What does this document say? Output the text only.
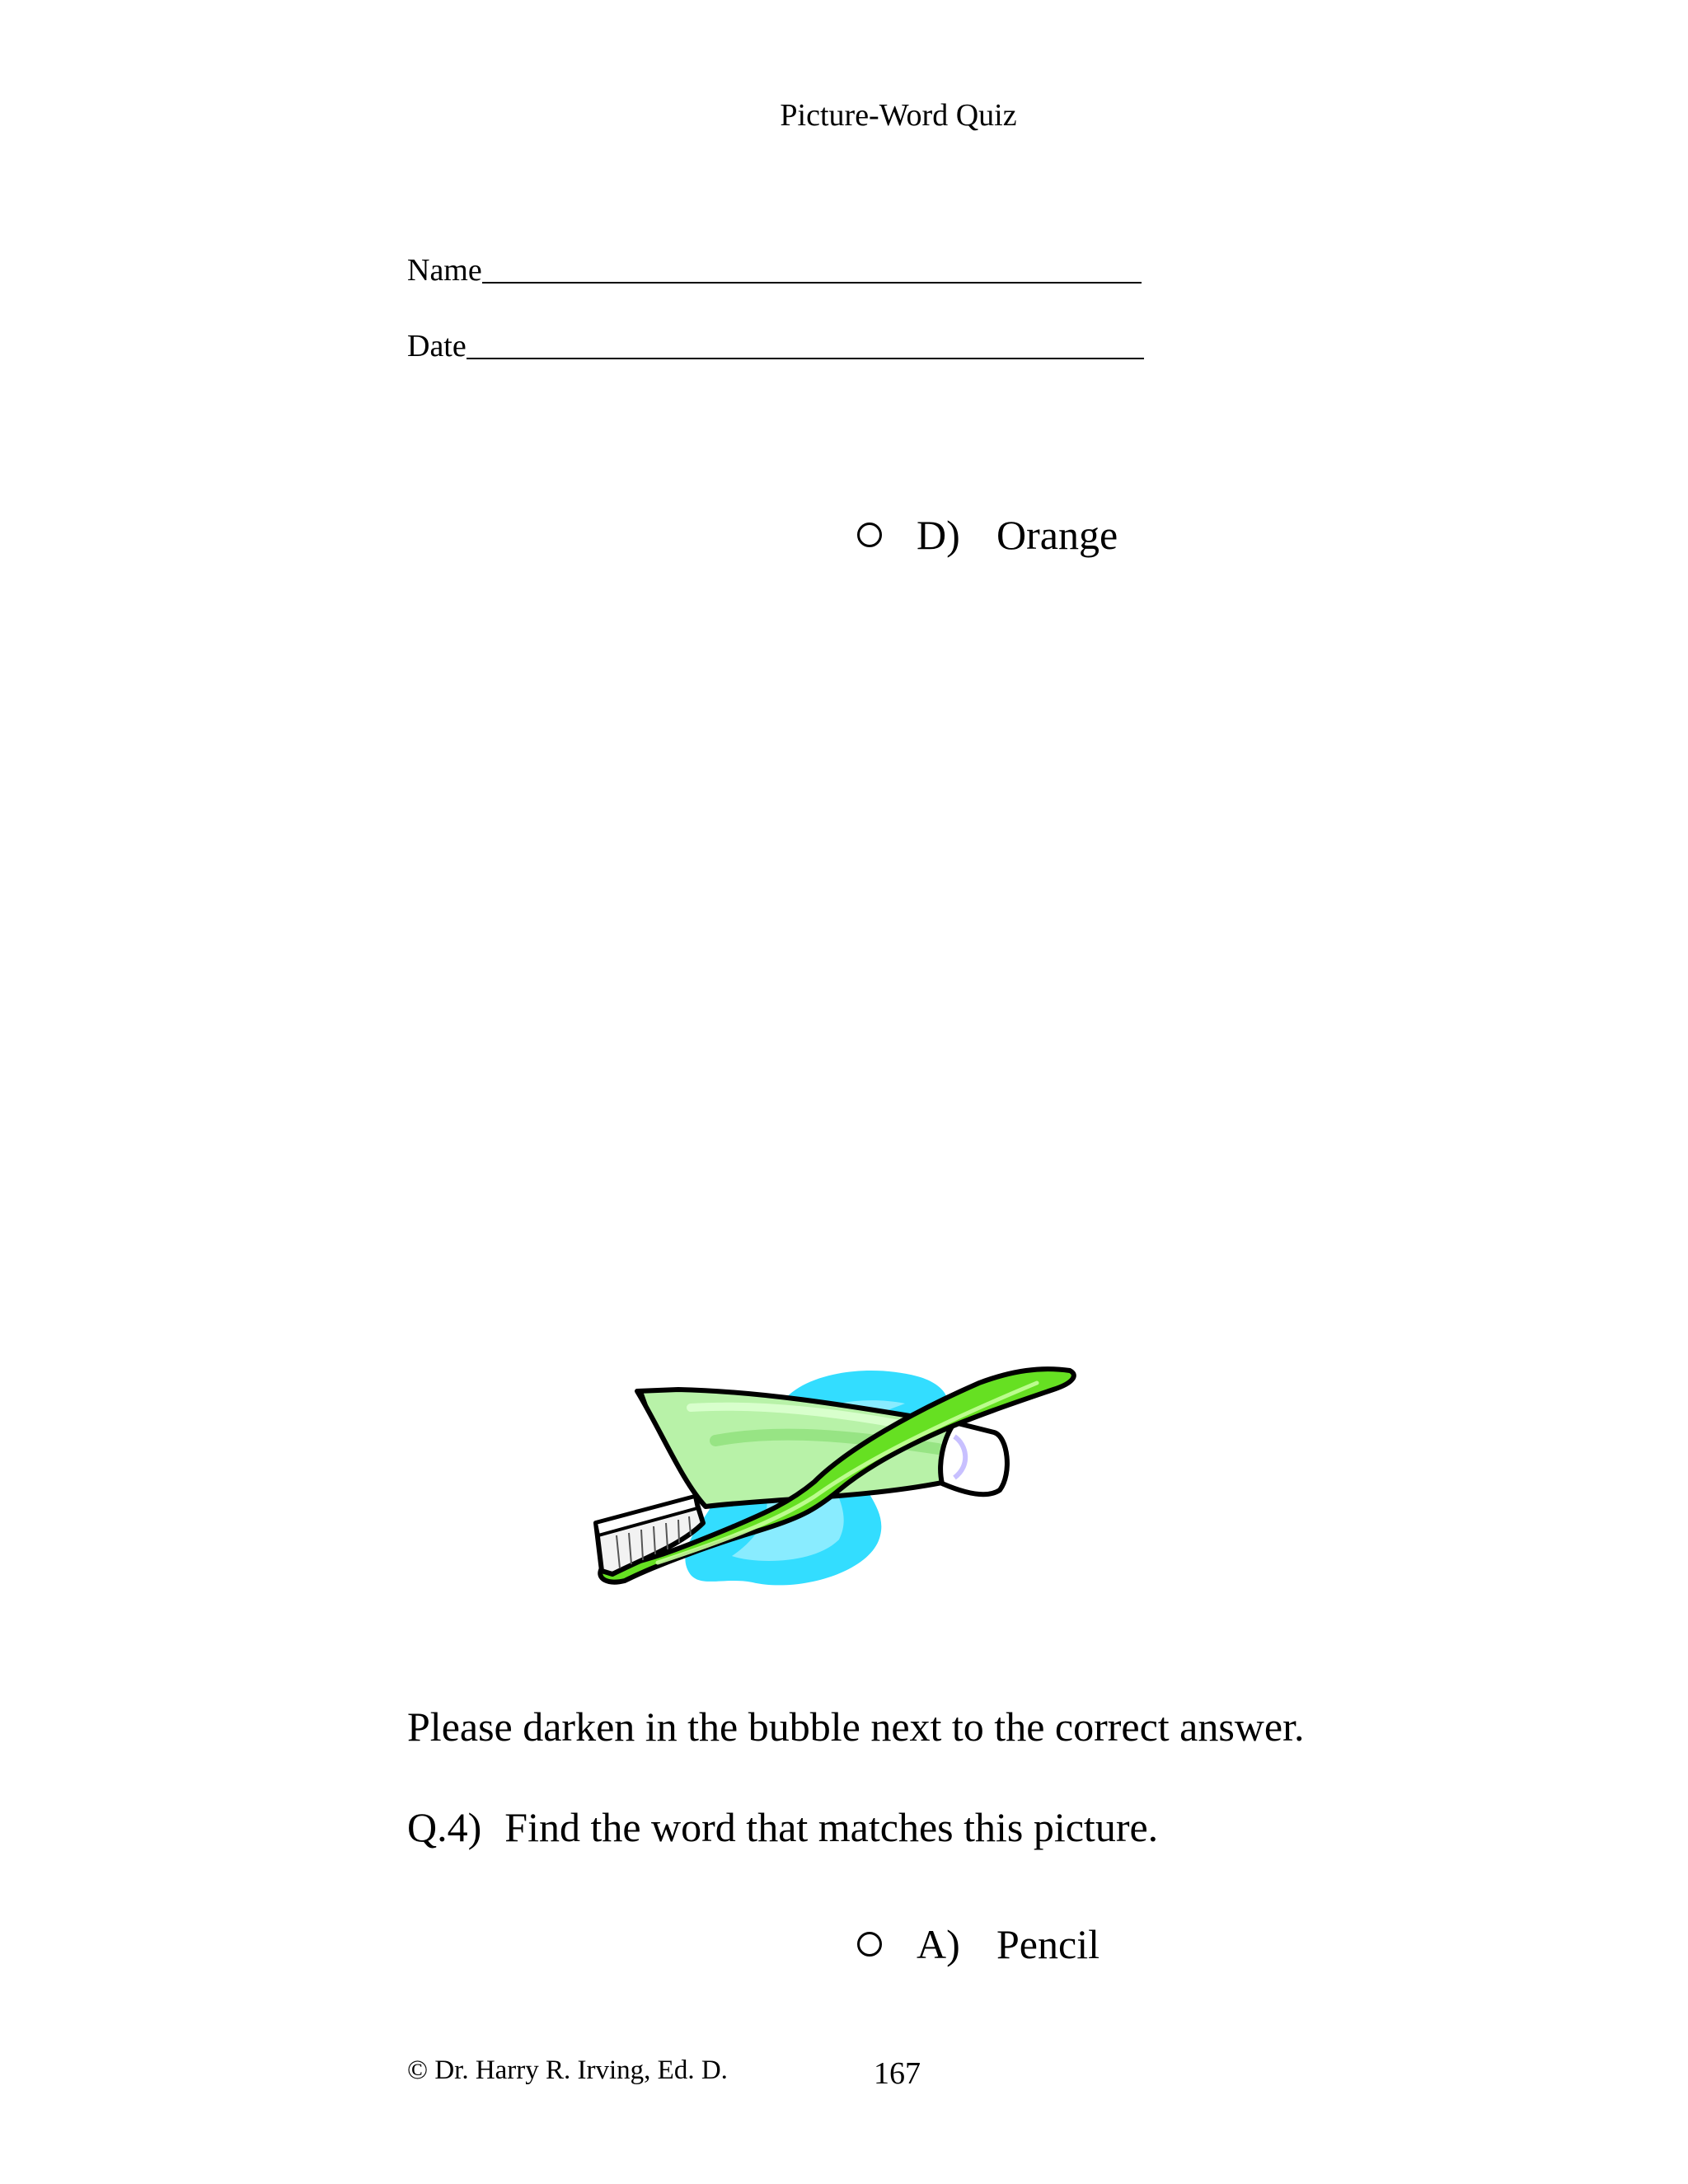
Picture-Word Quiz
Name
Date
D) Orange
Please darken in the bubble next to the correct answer.
Q.4) Find the word that matches this picture.
A) Pencil
© Dr. Harry R. Irving, Ed. D.	167
